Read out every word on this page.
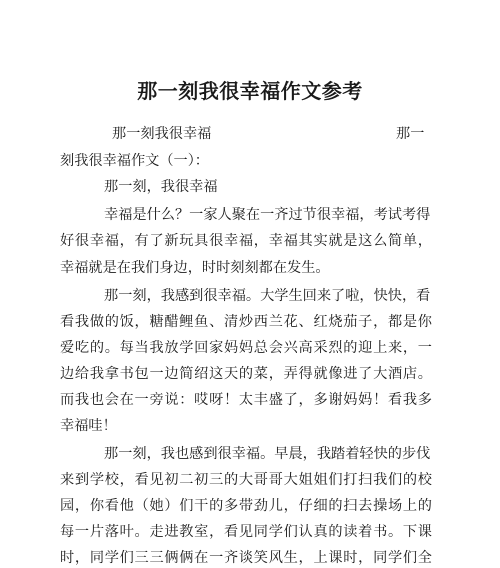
那一刻我很幸福作文参考
那一刻我很幸福	那一
刻我很幸福作文（一）：
那一刻，我很幸福
幸福是什么？一家人聚在一齐过节很幸福，考试考得
好很幸福，有了新玩具很幸福，幸福其实就是这么简单，
幸福就是在我们身边，时时刻刻都在发生。
那一刻，我感到很幸福。大学生回来了啦，快快，看
看我做的饭，糖醋鲤鱼、清炒西兰花、红烧茄子，都是你
爱吃的。每当我放学回家妈妈总会兴高采烈的迎上来，一
边给我拿书包一边简绍这天的菜，弄得就像进了大酒店。
而我也会在一旁说：哎呀！太丰盛了，多谢妈妈！看我多
幸福哇！
那一刻，我也感到很幸福。早晨，我踏着轻快的步伐
来到学校，看见初二初三的大哥哥大姐姐们打扫我们的校
园，你看他（她）们干的多带劲儿，仔细的扫去操场上的
每一片落叶。走进教室，看见同学们认真的读着书。下课
时，同学们三三俩俩在一齐谈笑风生，上课时，同学们全
